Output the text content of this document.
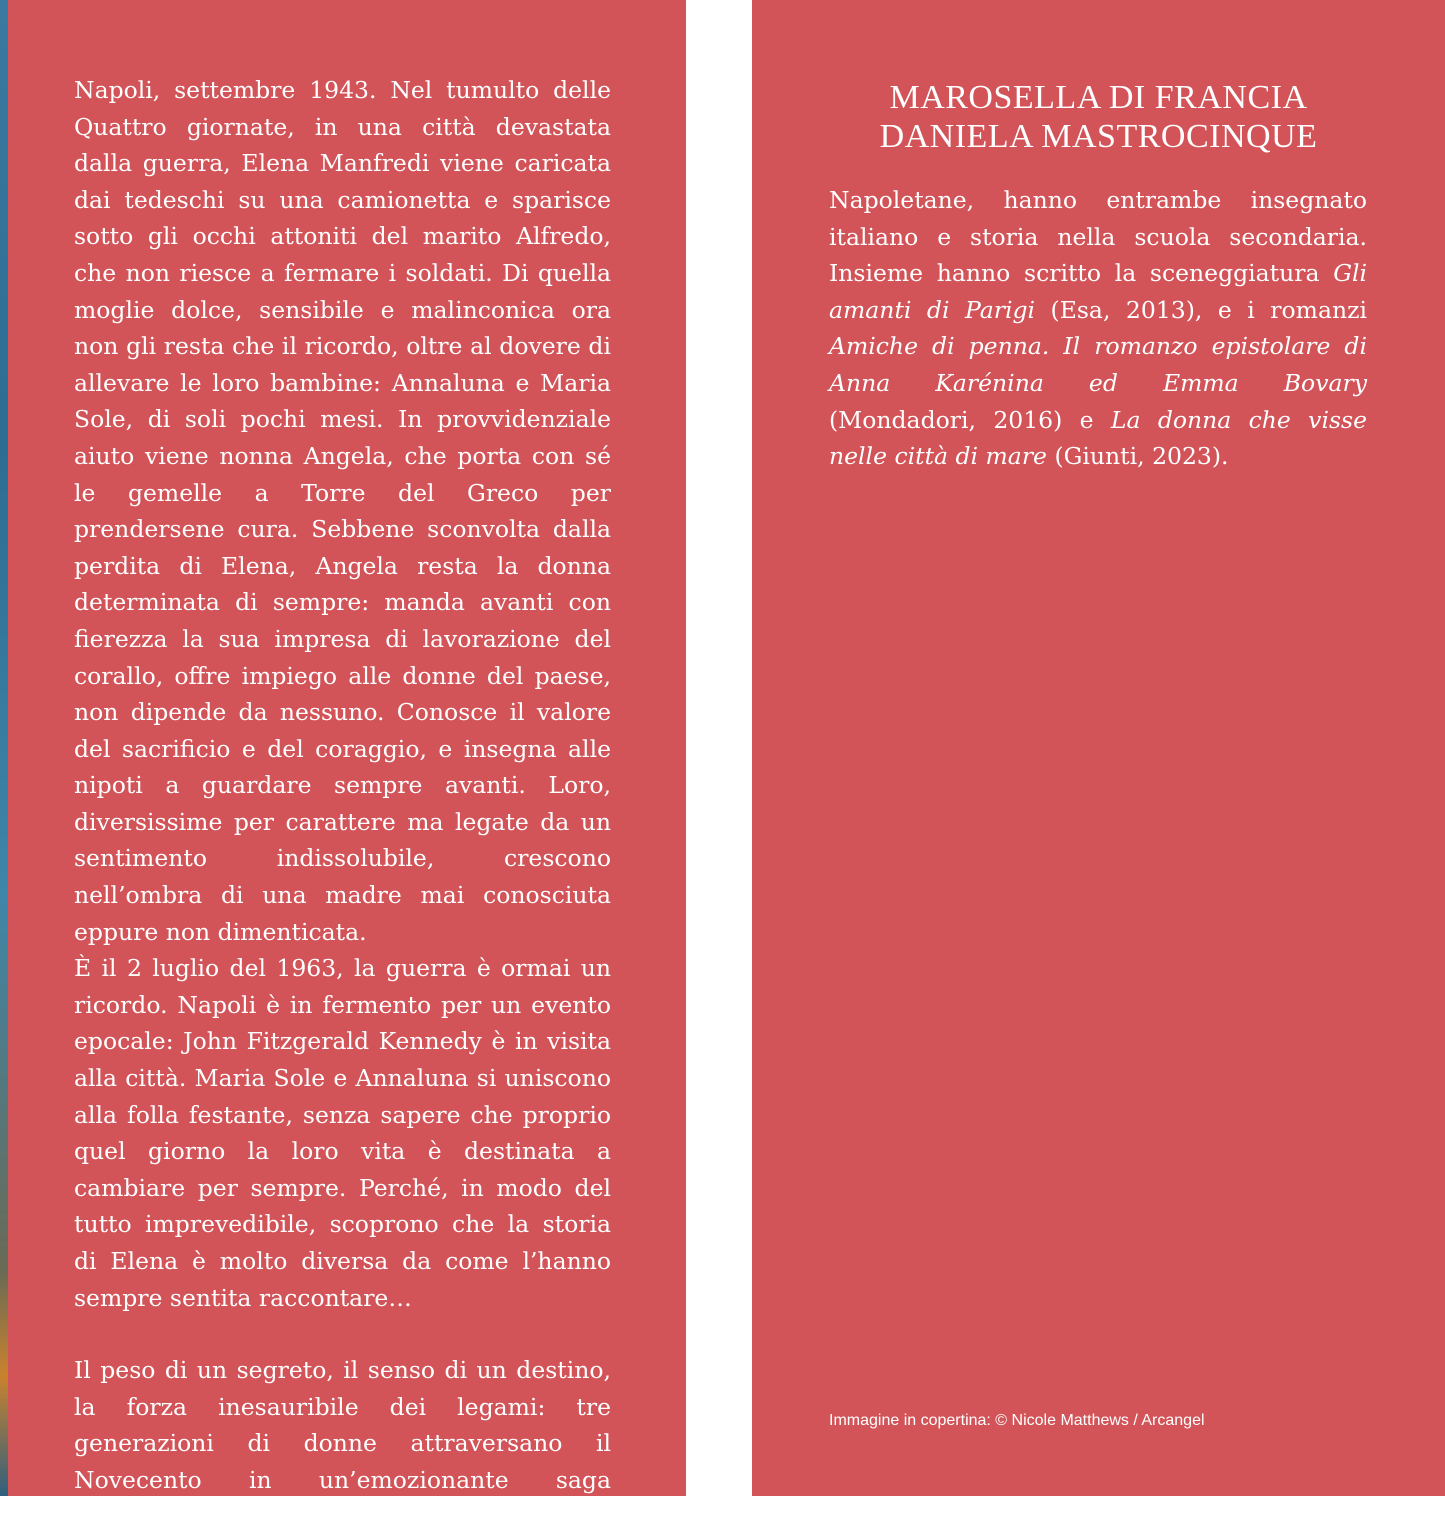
Napoli, settembre 1943. Nel tumulto delle Quattro giornate, in una città devastata dalla guerra, Elena Manfredi viene caricata dai tedeschi su una camionetta e sparisce sotto gli occhi attoniti del marito Alfredo, che non riesce a fermare i soldati. Di quella moglie dolce, sensibile e malinconica ora non gli resta che il ricordo, oltre al dovere di allevare le loro bambine: Annaluna e Maria Sole, di soli pochi mesi. In provvidenziale aiuto viene nonna Angela, che porta con sé le gemelle a Torre del Greco per prendersene cura. Sebbene sconvolta dalla perdita di Elena, Angela resta la donna determinata di sempre: manda avanti con fierezza la sua impresa di lavorazione del corallo, offre impiego alle donne del paese, non dipende da nessuno. Conosce il valore del sacrificio e del coraggio, e insegna alle nipoti a guardare sempre avanti. Loro, diversissime per carattere ma legate da un sentimento indissolubile, crescono nell’ombra di una madre mai conosciuta eppure non dimenticata.

È il 2 luglio del 1963, la guerra è ormai un ricordo. Napoli è in fermento per un evento epocale: John Fitzgerald Kennedy è in visita alla città. Maria Sole e Annaluna si uniscono alla folla festante, senza sapere che proprio quel giorno la loro vita è destinata a cambiare per sempre. Perché, in modo del tutto imprevedibile, scoprono che la storia di Elena è molto diversa da come l’hanno sempre sentita raccontare…

Il peso di un segreto, il senso di un destino, la forza inesauribile dei legami: tre generazioni di donne attraversano il Novecento in un’emozionante saga familiare.

MAROSELLA DI FRANCIA
DANIELA MASTROCINQUE

Napoletane, hanno entrambe insegnato italiano e storia nella scuola secondaria. Insieme hanno scritto la sceneggiatura Gli amanti di Parigi (Esa, 2013), e i romanzi Amiche di penna. Il romanzo epistolare di Anna Karénina ed Emma Bovary (Mondadori, 2016) e La donna che visse nelle città di mare (Giunti, 2023).

Immagine in copertina: © Nicole Matthews / Arcangel
